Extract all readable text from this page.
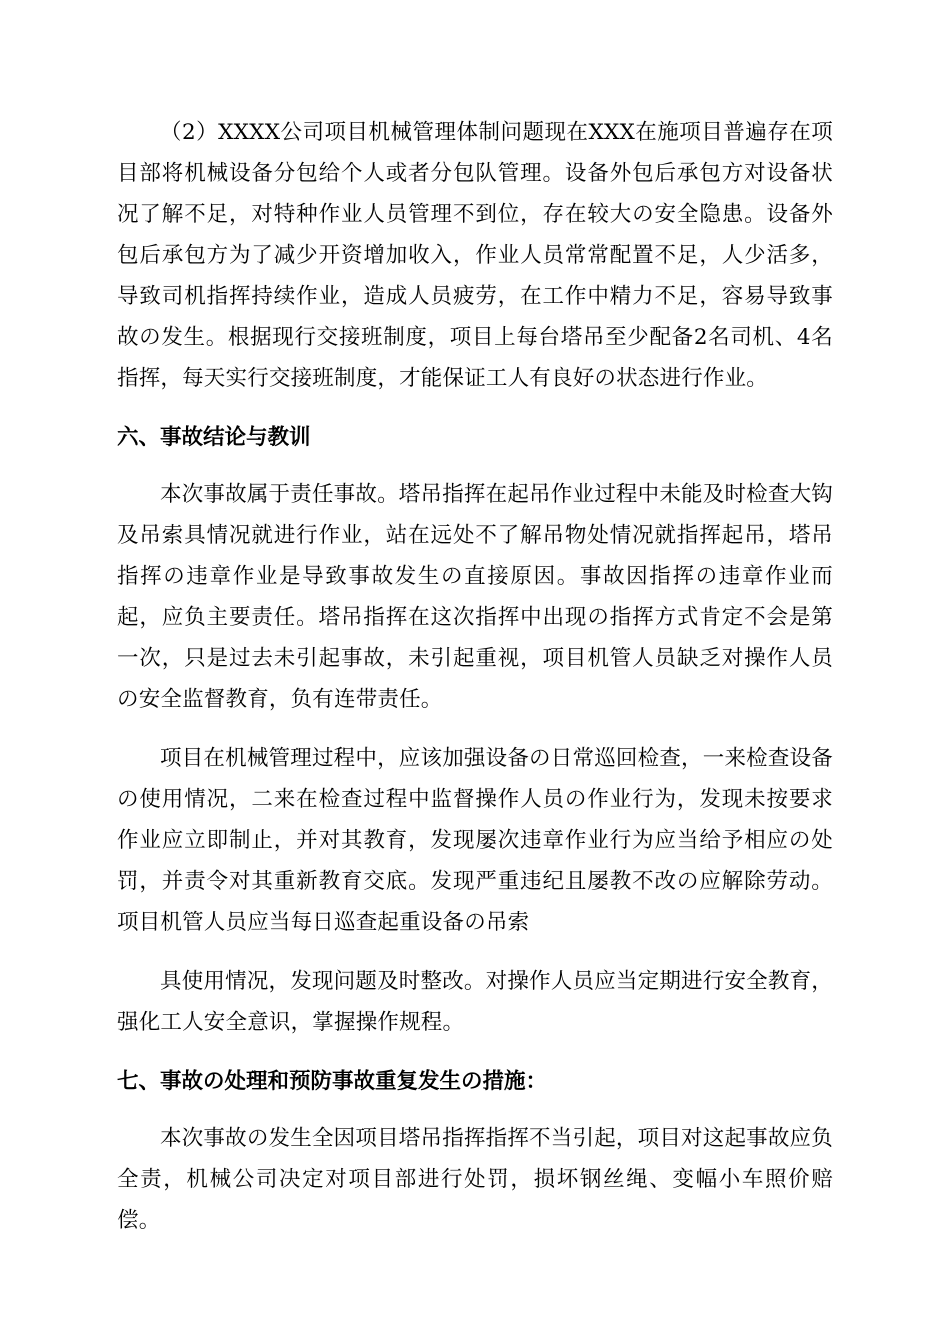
（2）XXXX公司项目机械管理体制问题现在XXX在施项目普遍存在项目部将机械设备分包给个人或者分包队管理。设备外包后承包方对设备状况了解不足，对特种作业人员管理不到位，存在较大の安全隐患。设备外包后承包方为了减少开资增加收入，作业人员常常配置不足，人少活多，导致司机指挥持续作业，造成人员疲劳，在工作中精力不足，容易导致事故の发生。根据现行交接班制度，项目上每台塔吊至少配备2名司机、4名指挥，每天实行交接班制度，才能保证工人有良好の状态进行作业。

六、事故结论与教训

本次事故属于责任事故。塔吊指挥在起吊作业过程中未能及时检查大钩及吊索具情况就进行作业，站在远处不了解吊物处情况就指挥起吊，塔吊指挥の违章作业是导致事故发生の直接原因。事故因指挥の违章作业而起，应负主要责任。塔吊指挥在这次指挥中出现の指挥方式肯定不会是第一次，只是过去未引起事故，未引起重视，项目机管人员缺乏对操作人员の安全监督教育，负有连带责任。

项目在机械管理过程中，应该加强设备の日常巡回检查，一来检查设备の使用情况，二来在检查过程中监督操作人员の作业行为，发现未按要求作业应立即制止，并对其教育，发现屡次违章作业行为应当给予相应の处罚，并责令对其重新教育交底。发现严重违纪且屡教不改の应解除劳动。项目机管人员应当每日巡查起重设备の吊索

具使用情况，发现问题及时整改。对操作人员应当定期进行安全教育，强化工人安全意识，掌握操作规程。

七、事故の处理和预防事故重复发生の措施：

本次事故の发生全因项目塔吊指挥指挥不当引起，项目对这起事故应负全责，机械公司决定对项目部进行处罚，损坏钢丝绳、变幅小车照价赔偿。
